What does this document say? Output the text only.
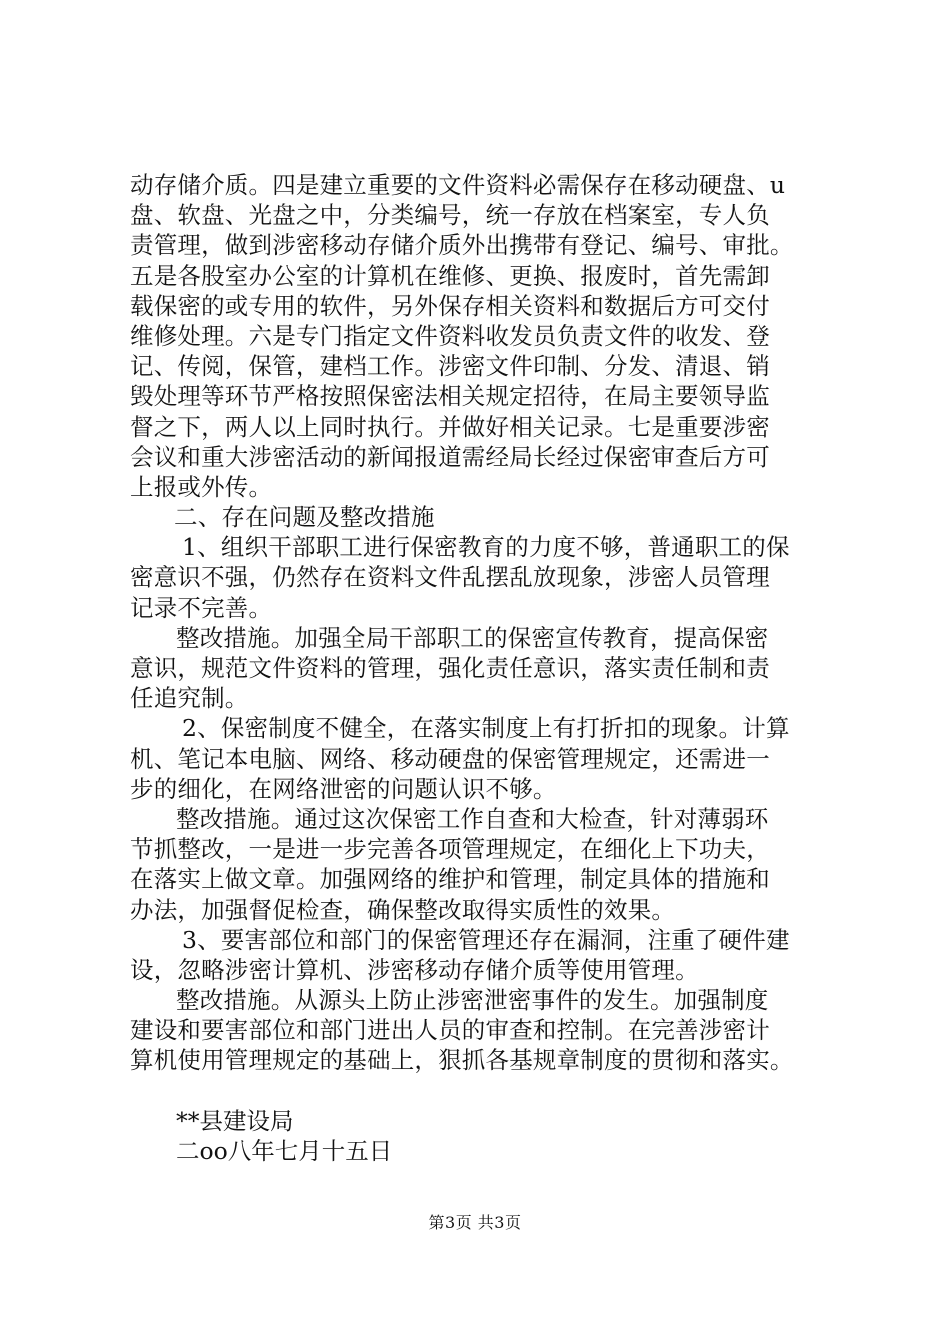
动存储介质。四是建立重要的文件资料必需保存在移动硬盘、u
盘、软盘、光盘之中，分类编号，统一存放在档案室，专人负
责管理，做到涉密移动存储介质外出携带有登记、编号、审批。
五是各股室办公室的计算机在维修、更换、报废时，首先需卸
载保密的或专用的软件，另外保存相关资料和数据后方可交付
维修处理。六是专门指定文件资料收发员负责文件的收发、登
记、传阅，保管，建档工作。涉密文件印制、分发、清退、销
毁处理等环节严格按照保密法相关规定招待，在局主要领导监
督之下，两人以上同时执行。并做好相关记录。七是重要涉密
会议和重大涉密活动的新闻报道需经局长经过保密审查后方可
上报或外传。
二、存在问题及整改措施
1、组织干部职工进行保密教育的力度不够，普通职工的保
密意识不强，仍然存在资料文件乱摆乱放现象，涉密人员管理
记录不完善。
整改措施。加强全局干部职工的保密宣传教育，提高保密
意识，规范文件资料的管理，强化责任意识，落实责任制和责
任追究制。
2、保密制度不健全，在落实制度上有打折扣的现象。计算
机、笔记本电脑、网络、移动硬盘的保密管理规定，还需进一
步的细化，在网络泄密的问题认识不够。
整改措施。通过这次保密工作自查和大检查，针对薄弱环
节抓整改，一是进一步完善各项管理规定，在细化上下功夫，
在落实上做文章。加强网络的维护和管理，制定具体的措施和
办法，加强督促检查，确保整改取得实质性的效果。
3、要害部位和部门的保密管理还存在漏洞，注重了硬件建
设，忽略涉密计算机、涉密移动存储介质等使用管理。
整改措施。从源头上防止涉密泄密事件的发生。加强制度
建设和要害部位和部门进出人员的审查和控制。在完善涉密计
算机使用管理规定的基础上，狠抓各基规章制度的贯彻和落实。
**县建设局
二oo八年七月十五日
第3页 共3页
